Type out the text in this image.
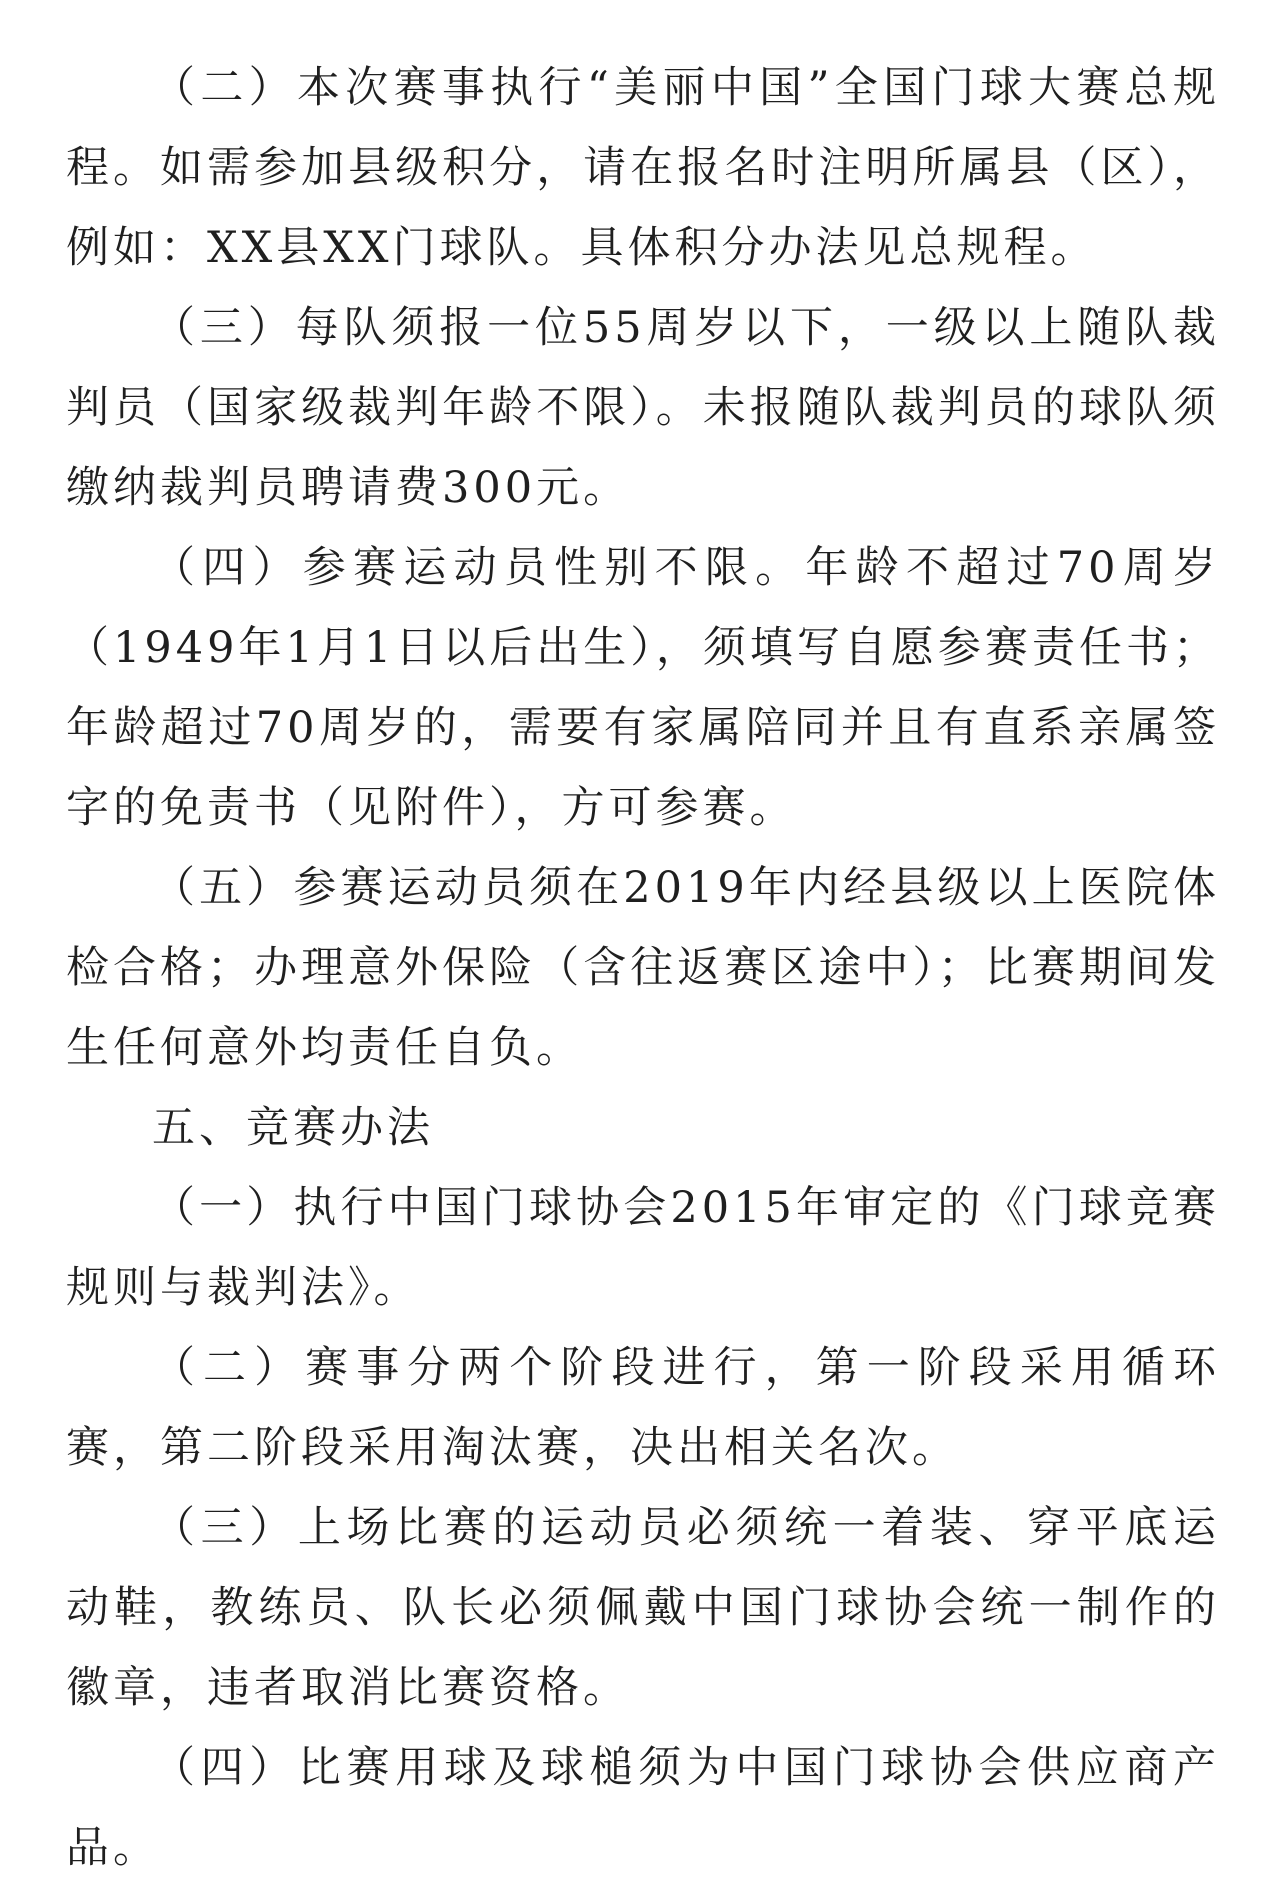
（二）本次赛事执行“美丽中国”全国门球大赛总规程。如需参加县级积分，请在报名时注明所属县（区），例如：XX县XX门球队。具体积分办法见总规程。

（三）每队须报一位55周岁以下，一级以上随队裁判员（国家级裁判年龄不限）。未报随队裁判员的球队须缴纳裁判员聘请费300元。

（四）参赛运动员性别不限。年龄不超过70周岁（1949年1月1日以后出生），须填写自愿参赛责任书；年龄超过70周岁的，需要有家属陪同并且有直系亲属签字的免责书（见附件），方可参赛。

（五）参赛运动员须在2019年内经县级以上医院体检合格；办理意外保险（含往返赛区途中）；比赛期间发生任何意外均责任自负。

五、竞赛办法

（一）执行中国门球协会2015年审定的《门球竞赛规则与裁判法》。

（二）赛事分两个阶段进行，第一阶段采用循环赛，第二阶段采用淘汰赛，决出相关名次。

（三）上场比赛的运动员必须统一着装、穿平底运动鞋，教练员、队长必须佩戴中国门球协会统一制作的徽章，违者取消比赛资格。

（四）比赛用球及球槌须为中国门球协会供应商产品。
